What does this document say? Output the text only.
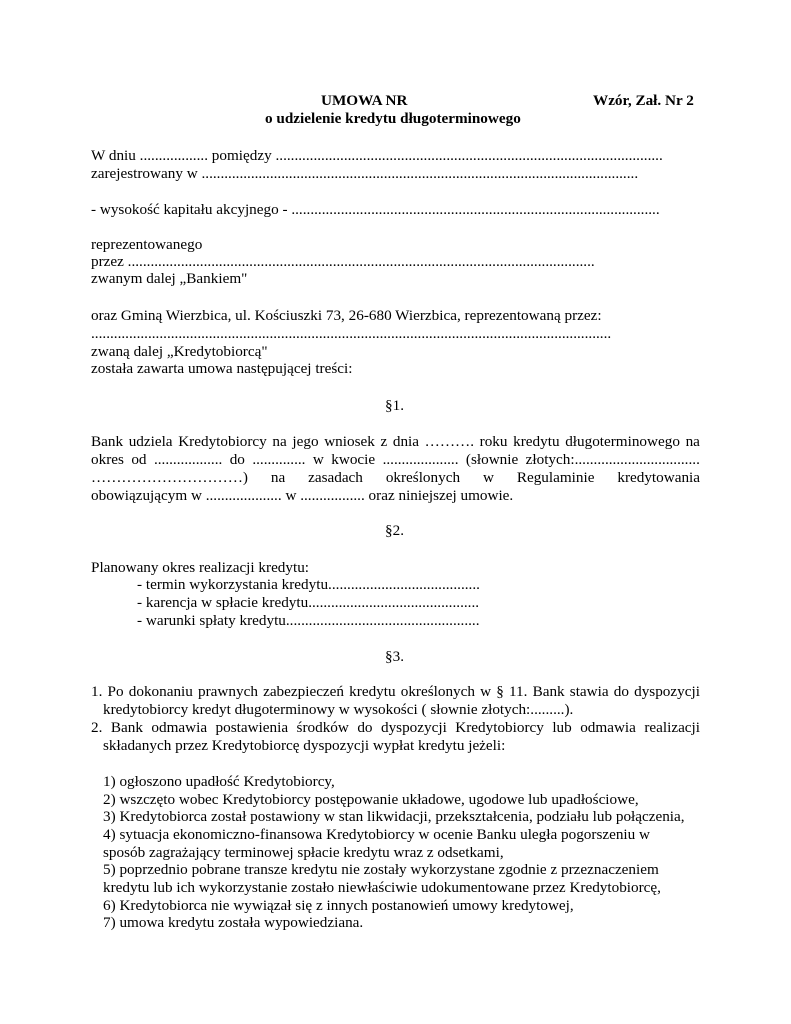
UMOWA NR	Wzór, Zał. Nr 2
o udzielenie kredytu długoterminowego
W dniu .................. pomiędzy ......................................................................................................
zarejestrowany w ...................................................................................................................
- wysokość kapitału akcyjnego - .................................................................................................
reprezentowanego
przez ...........................................................................................................................
zwanym dalej „Bankiem"
oraz Gminą Wierzbica, ul. Kościuszki 73, 26-680 Wierzbica, reprezentowaną przez:
.........................................................................................................................................
zwaną dalej „Kredytobiorcą"
została zawarta umowa następującej treści:
§1.
Bank udziela Kredytobiorcy na jego wniosek z dnia ………. roku kredytu długoterminowego na
okres od .................. do .............. w kwocie .................... (słownie złotych:.................................
…………………………) na zasadach określonych w Regulaminie kredytowania
obowiązującym w .................... w ................. oraz niniejszej umowie.
§2.
Planowany okres realizacji kredytu:
- termin wykorzystania kredytu........................................
- karencja w spłacie kredytu.............................................
- warunki spłaty kredytu...................................................
§3.
1. Po dokonaniu prawnych zabezpieczeń kredytu określonych w § 11. Bank stawia do dyspozycji
kredytobiorcy kredyt długoterminowy w wysokości ( słownie złotych:.........).
2. Bank odmawia postawienia środków do dyspozycji Kredytobiorcy lub odmawia realizacji
składanych przez Kredytobiorcę dyspozycji wypłat kredytu jeżeli:
1) ogłoszono upadłość Kredytobiorcy,
2) wszczęto wobec Kredytobiorcy postępowanie układowe, ugodowe lub upadłościowe,
3) Kredytobiorca został postawiony w stan likwidacji, przekształcenia, podziału lub połączenia,
4) sytuacja ekonomiczno-finansowa Kredytobiorcy w ocenie Banku uległa pogorszeniu w
sposób zagrażający terminowej spłacie kredytu wraz z odsetkami,
5) poprzednio pobrane transze kredytu nie zostały wykorzystane zgodnie z przeznaczeniem
kredytu lub ich wykorzystanie zostało niewłaściwie udokumentowane przez Kredytobiorcę,
6) Kredytobiorca nie wywiązał się z innych postanowień umowy kredytowej,
7) umowa kredytu została wypowiedziana.
